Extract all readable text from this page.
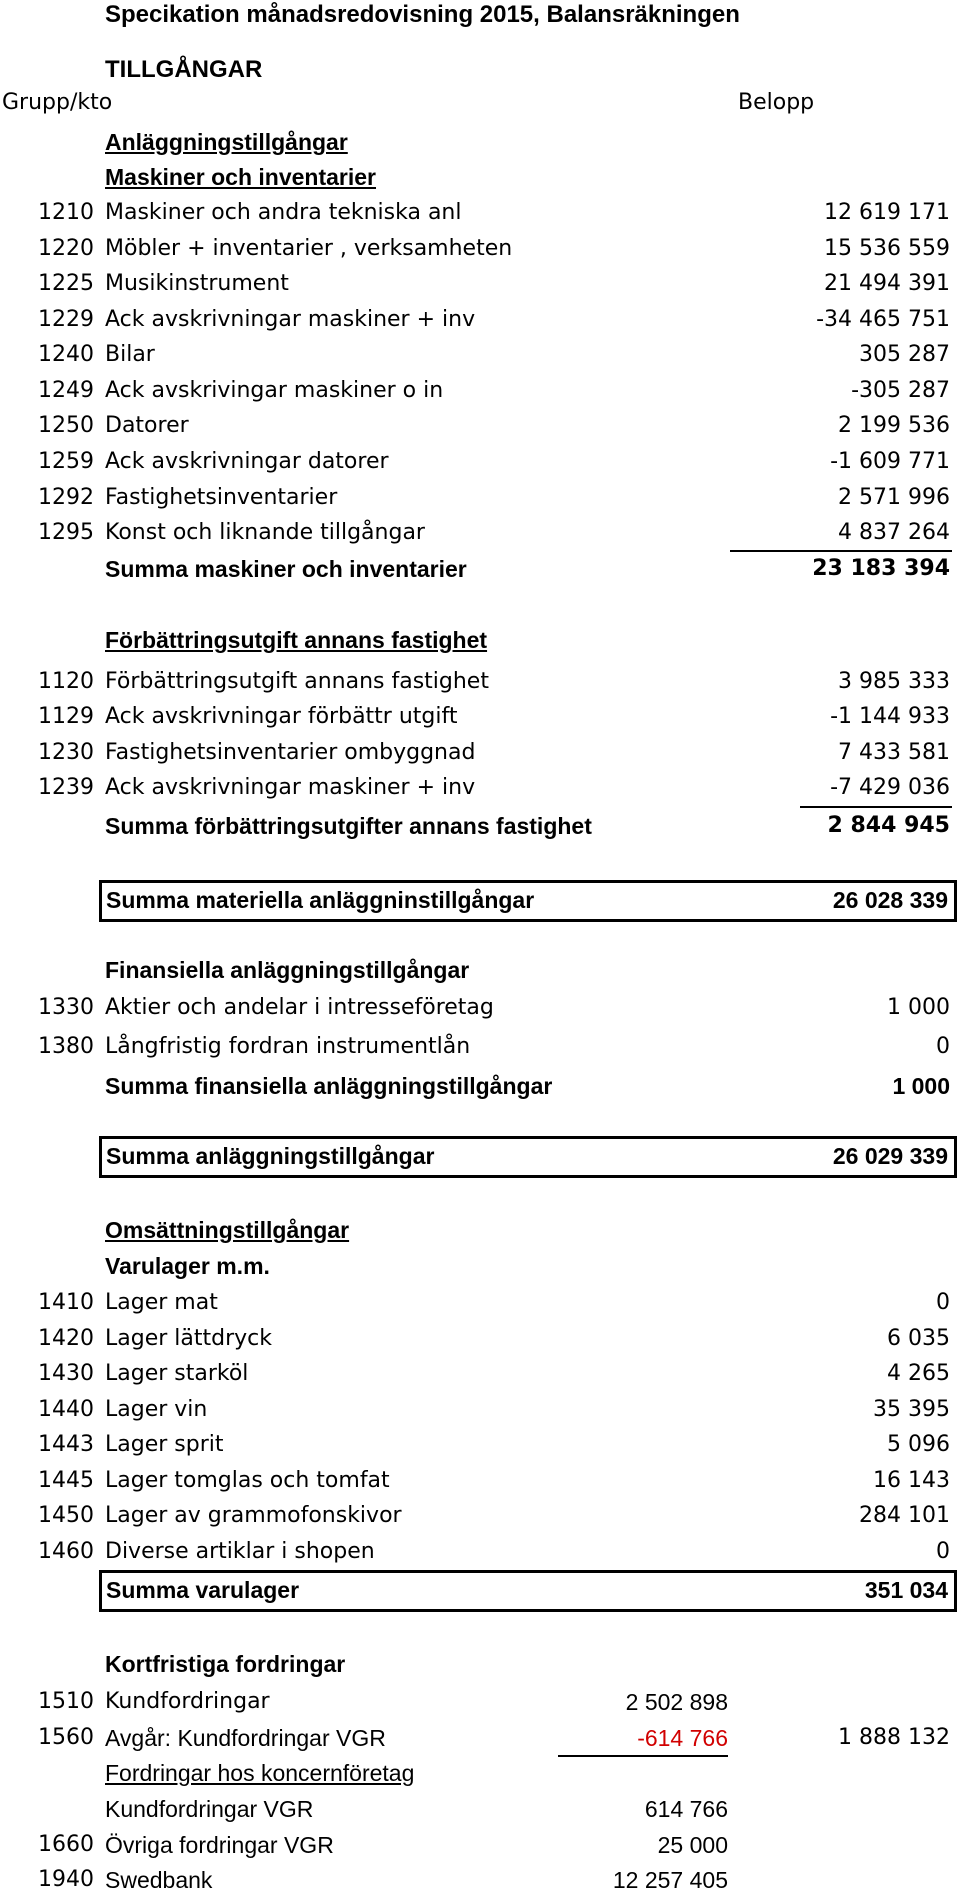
Specikation månadsredovisning 2015, Balansräkningen
TILLGÅNGAR
Grupp/kto	Belopp
Anläggningstillgångar
Maskiner och inventarier
1210 Maskiner och andra tekniska anl	12 619 171
1220 Möbler + inventarier , verksamheten	15 536 559
1225 Musikinstrument	21 494 391
1229 Ack avskrivningar maskiner + inv	-34 465 751
1240 Bilar	305 287
1249 Ack avskrivingar maskiner o in	-305 287
1250 Datorer	2 199 536
1259 Ack avskrivningar datorer	-1 609 771
1292 Fastighetsinventarier	2 571 996
1295 Konst och liknande tillgångar	4 837 264
Summa maskiner och inventarier	23 183 394
Förbättringsutgift annans fastighet
1120 Förbättringsutgift annans fastighet	3 985 333
1129 Ack avskrivningar förbättr utgift	-1 144 933
1230 Fastighetsinventarier ombyggnad	7 433 581
1239 Ack avskrivningar maskiner + inv	-7 429 036
Summa förbättringsutgifter annans fastighet	2 844 945
Summa materiella anläggninstillgångar	26 028 339
Finansiella anläggningstillgångar
1330 Aktier och andelar i intresseföretag	1 000
1380 Långfristig fordran instrumentlån	0
Summa finansiella anläggningstillgångar	1 000
Summa anläggningstillgångar	26 029 339
Omsättningstillgångar
Varulager m.m.
1410 Lager mat	0
1420 Lager lättdryck	6 035
1430 Lager starköl	4 265
1440 Lager vin	35 395
1443 Lager sprit	5 096
1445 Lager tomglas och tomfat	16 143
1450 Lager av grammofonskivor	284 101
1460 Diverse artiklar i shopen	0
Summa varulager	351 034
Kortfristiga fordringar
1510 Kundfordringar	2 502 898
1560 Avgår: Kundfordringar VGR	-614 766	1 888 132
Fordringar hos koncernföretag
Kundfordringar VGR	614 766
1660 Övriga fordringar VGR	25 000
1940 Swedbank	12 257 405
